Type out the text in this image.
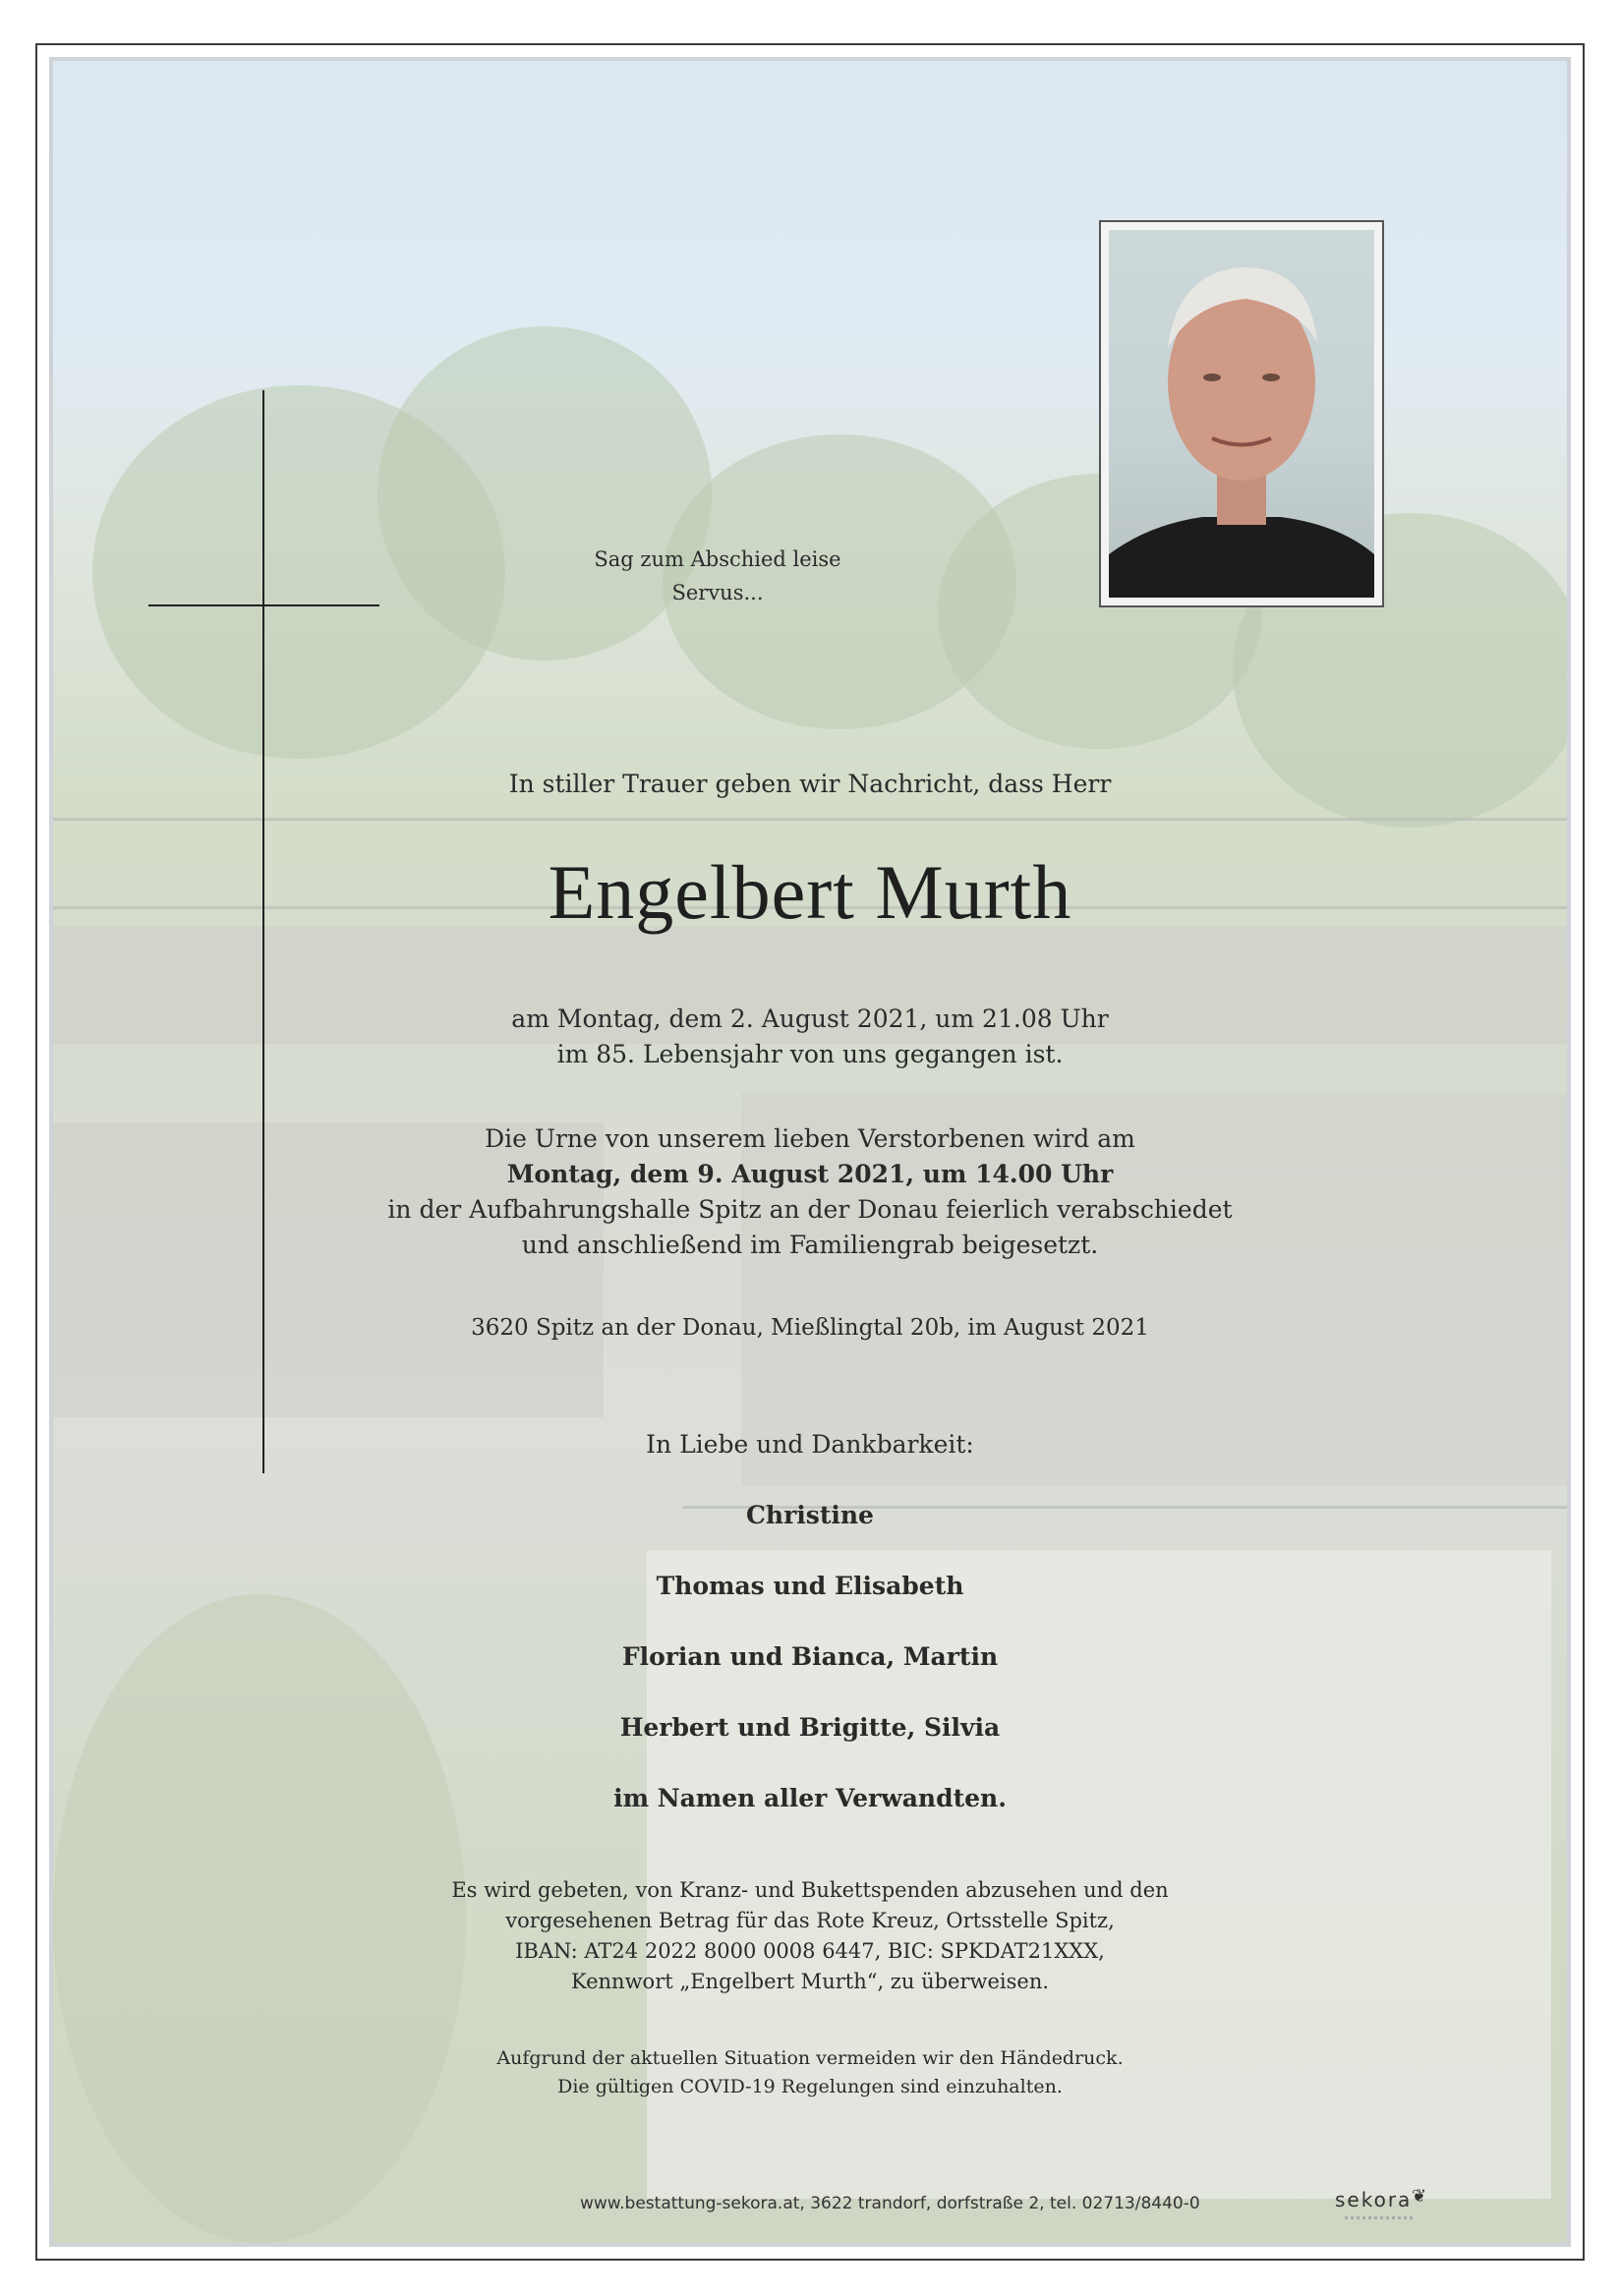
Sag zum Abschied leise
Servus...

In stiller Trauer geben wir Nachricht, dass Herr

Engelbert Murth

am Montag, dem 2. August 2021, um 21.08 Uhr
im 85. Lebensjahr von uns gegangen ist.
Die Urne von unserem lieben Verstorbenen wird am
Montag, dem 9. August 2021, um 14.00 Uhr
in der Aufbahrungshalle Spitz an der Donau feierlich verabschiedet
und anschließend im Familiengrab beigesetzt.

3620 Spitz an der Donau, Mießlingtal 20b, im August 2021

In Liebe und Dankbarkeit:

Christine

Thomas und Elisabeth

Florian und Bianca, Martin

Herbert und Brigitte, Silvia

im Namen aller Verwandten.

Es wird gebeten, von Kranz- und Bukettspenden abzusehen und den
vorgesehenen Betrag für das Rote Kreuz, Ortsstelle Spitz,
IBAN: AT24 2022 8000 0008 6447, BIC: SPKDAT21XXX,
Kennwort „Engelbert Murth“, zu überweisen.
Aufgrund der aktuellen Situation vermeiden wir den Händedruck.
Die gültigen COVID-19 Regelungen sind einzuhalten.
www.bestattung-sekora.at, 3622 trandorf, dorfstraße 2, tel. 02713/8440-0	sekora ❦
